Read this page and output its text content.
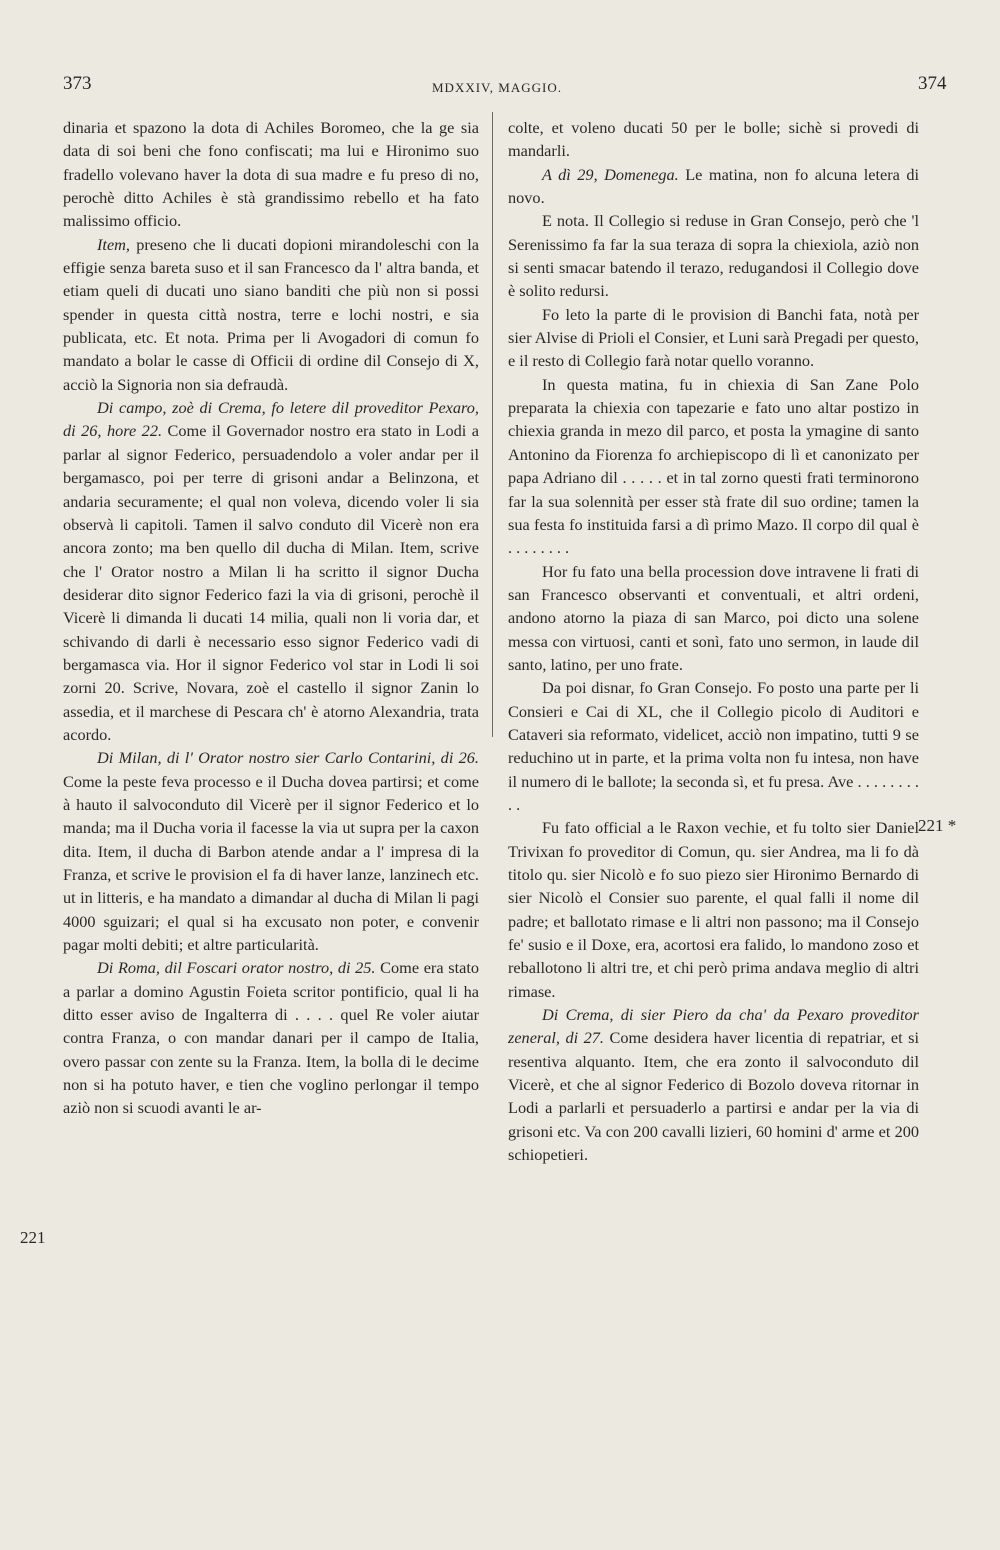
373	MDXXIV, MAGGIO.	374

dinaria et spazono la dota di Achiles Boromeo, che la ge sia data di soi beni che fono confiscati; ma lui e Hironimo suo fradello volevano haver la dota di sua madre e fu preso di no, perochè ditto Achiles è stà grandissimo rebello et ha fato malissimo officio.

Item, preseno che li ducati dopioni mirandoleschi con la effigie senza bareta suso et il san Francesco da l' altra banda, et etiam queli di ducati uno siano banditi che più non si possi spender in questa città nostra, terre e lochi nostri, e sia publicata, etc. Et nota. Prima per li Avogadori di comun fo mandato a bolar le casse di Officii di ordine dil Consejo di X, acciò la Signoria non sia defraudà.

Di campo, zoè di Crema, fo letere dil proveditor Pexaro, di 26, hore 22. Come il Governador nostro era stato in Lodi a parlar al signor Federico, persuadendolo a voler andar per il bergamasco, poi per terre di grisoni andar a Belinzona, et andaria securamente; el qual non voleva, dicendo voler li sia observà li capitoli. Tamen il salvo conduto dil Vicerè non era ancora zonto; ma ben quello dil ducha di Milan. Item, scrive che l' Orator nostro a Milan li ha scritto il signor Ducha desiderar dito signor Federico fazi la via di grisoni, perochè il Vicerè li dimanda li ducati 14 milia, quali non li voria dar, et schivando di darli è necessario esso signor Federico vadi di bergamasca via. Hor il signor Federico vol star in Lodi li soi zorni 20. Scrive, Novara, zoè el castello il signor Zanin lo assedia, et il marchese di Pescara ch' è atorno Alexandria, trata acordo.

Di Milan, di l' Orator nostro sier Carlo Contarini, di 26. Come la peste feva processo e il Ducha dovea partirsi; et come à hauto il salvoconduto dil Vicerè per il signor Federico et lo manda; ma il Ducha voria il facesse la via ut supra per la caxon dita. Item, il ducha di Barbon atende andar a l' impresa di la Franza, et scrive le provision el fa di haver lanze, lanzinech etc. ut in litteris, e ha mandato a dimandar al ducha di Milan li pagi 4000 sguizari; el qual si ha excusato non poter, e convenir pagar molti debiti; et altre particularità.

Di Roma, dil Foscari orator nostro, di 25. Come era stato a parlar a domino Agustin Foieta scritor pontificio, qual li ha ditto esser aviso de Ingalterra di . . . . quel Re voler aiutar contra Franza, o con mandar danari per il campo de Italia, overo passar con zente su la Franza. Item, la bolla di le decime non si ha potuto haver, e tien che voglino perlongar il tempo aziò non si scuodi avanti le ar-

colte, et voleno ducati 50 per le bolle; sichè si provedi di mandarli.

A dì 29, Domenega. Le matina, non fo alcuna letera di novo.

E nota. Il Collegio si reduse in Gran Consejo, però che 'l Serenissimo fa far la sua teraza di sopra la chiexiola, aziò non si senti smacar batendo il terazo, redugandosi il Collegio dove è solito redursi.

Fo leto la parte di le provision di Banchi fata, notà per sier Alvise di Prioli el Consier, et Luni sarà Pregadi per questo, e il resto di Collegio farà notar quello voranno.

In questa matina, fu in chiexia di San Zane Polo preparata la chiexia con tapezarie e fato uno altar postizo in chiexia granda in mezo dil parco, et posta la ymagine di santo Antonino da Fiorenza fo archiepiscopo di lì et canonizato per papa Adriano dil . . . . . et in tal zorno questi frati terminorono far la sua solennità per esser stà frate dil suo ordine; tamen la sua festa fo instituida farsi a dì primo Mazo. Il corpo dil qual è . . . . . . . .

Hor fu fato una bella procession dove intravene li frati di san Francesco observanti et conventuali, et altri ordeni, andono atorno la piaza di san Marco, poi dicto una solene messa con virtuosi, canti et sonì, fato uno sermon, in laude dil santo, latino, per uno frate.

Da poi disnar, fo Gran Consejo. Fo posto una parte per li Consieri e Cai di XL, che il Collegio picolo di Auditori e Cataveri sia reformato, videlicet, acciò non impatino, tutti 9 se reduchino ut in parte, et la prima volta non fu intesa, non have il numero di le ballote; la seconda sì, et fu presa. Ave . . . . . . . . . .

Fu fato official a le Raxon vechie, et fu tolto sier Daniel Trivixan fo proveditor di Comun, qu. sier Andrea, ma li fo dà titolo qu. sier Nicolò e fo suo piezo sier Hironimo Bernardo di sier Nicolò el Consier suo parente, el qual falli il nome dil padre; et ballotato rimase e li altri non passono; ma il Consejo fe' susio e il Doxe, era, acortosi era falido, lo mandono zoso et reballotono li altri tre, et chi però prima andava meglio di altri rimase.

Di Crema, di sier Piero da cha' da Pexaro proveditor zeneral, di 27. Come desidera haver licentia di repatriar, et si resentiva alquanto. Item, che era zonto il salvoconduto dil Vicerè, et che al signor Federico di Bozolo doveva ritornar in Lodi a parlarli et persuaderlo a partirsi e andar per la via di grisoni etc. Va con 200 cavalli lizieri, 60 homini d' arme et 200 schiopetieri.

221
221 *
